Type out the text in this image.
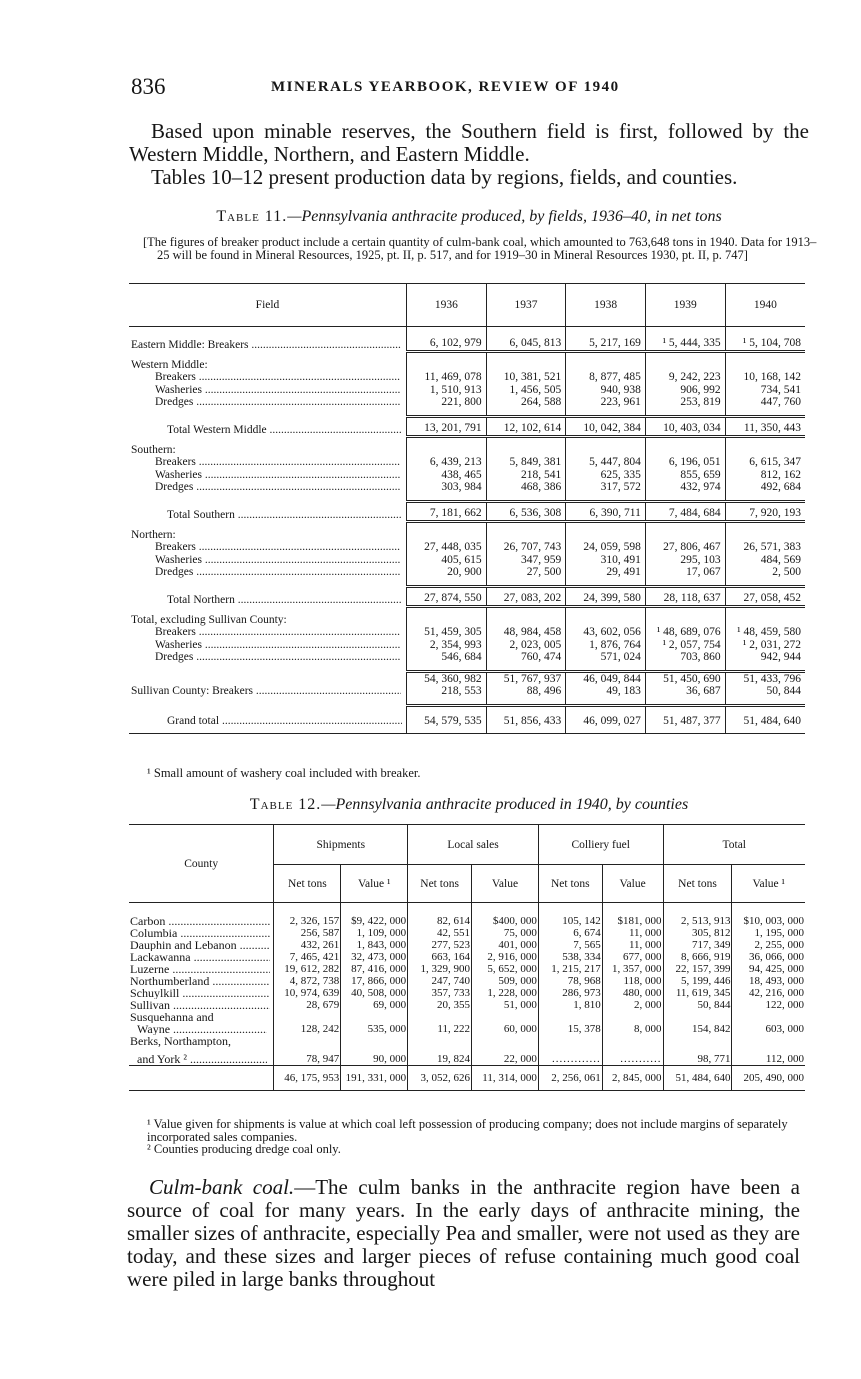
836	MINERALS YEARBOOK, REVIEW OF 1940

Based upon minable reserves, the Southern field is first, followed by the Western Middle, Northern, and Eastern Middle.

Tables 10–12 present production data by regions, fields, and counties.

Table 11.—Pennsylvania anthracite produced, by fields, 1936–40, in net tons

[The figures of breaker product include a certain quantity of culm-bank coal, which amounted to 763,648 tons in 1940. Data for 1913–25 will be found in Mineral Resources, 1925, pt. II, p. 517, and for 1919–30 in Mineral Resources 1930, pt. II, p. 747]

Field	1936	1937	1938	1939	1940

Eastern Middle: Breakers .....	6, 102, 979	6, 045, 813	5, 217, 169	¹ 5, 444, 335	¹ 5, 104, 708

Western Middle:					

Breakers .....	11, 469, 078	10, 381, 521	8, 877, 485	9, 242, 223	10, 168, 142

Washeries .....	1, 510, 913	1, 456, 505	940, 938	906, 992	734, 541

Dredges .....	221, 800	264, 588	223, 961	253, 819	447, 760

Total Western Middle .....	13, 201, 791	12, 102, 614	10, 042, 384	10, 403, 034	11, 350, 443

Southern:					

Breakers .....	6, 439, 213	5, 849, 381	5, 447, 804	6, 196, 051	6, 615, 347

Washeries .....	438, 465	218, 541	625, 335	855, 659	812, 162

Dredges .....	303, 984	468, 386	317, 572	432, 974	492, 684

Total Southern .....	7, 181, 662	6, 536, 308	6, 390, 711	7, 484, 684	7, 920, 193

Northern:					

Breakers .....	27, 448, 035	26, 707, 743	24, 059, 598	27, 806, 467	26, 571, 383

Washeries .....	405, 615	347, 959	310, 491	295, 103	484, 569

Dredges .....	20, 900	27, 500	29, 491	17, 067	2, 500

Total Northern .....	27, 874, 550	27, 083, 202	24, 399, 580	28, 118, 637	27, 058, 452

Total, excluding Sullivan County:					

Breakers .....	51, 459, 305	48, 984, 458	43, 602, 056	¹ 48, 689, 076	¹ 48, 459, 580

Washeries .....	2, 354, 993	2, 023, 005	1, 876, 764	¹ 2, 057, 754	¹ 2, 031, 272

Dredges .....	546, 684	760, 474	571, 024	703, 860	942, 944

	54, 360, 982	51, 767, 937	46, 049, 844	51, 450, 690	51, 433, 796

Sullivan County: Breakers .....	218, 553	88, 496	49, 183	36, 687	50, 844

Grand total .....	54, 579, 535	51, 856, 433	46, 099, 027	51, 487, 377	51, 484, 640

¹ Small amount of washery coal included with breaker.

Table 12.—Pennsylvania anthracite produced in 1940, by counties

County	Shipments		Local sales		Colliery fuel		Total	
	Net tons	Value ¹	Net tons	Value	Net tons	Value	Net tons	Value ¹

Carbon .....	2, 326, 157	$9, 422, 000	82, 614	$400, 000	105, 142	$181, 000	2, 513, 913	$10, 003, 000

Columbia .....	256, 587	1, 109, 000	42, 551	75, 000	6, 674	11, 000	305, 812	1, 195, 000

Dauphin and Lebanon .....	432, 261	1, 843, 000	277, 523	401, 000	7, 565	11, 000	717, 349	2, 255, 000

Lackawanna .....	7, 465, 421	32, 473, 000	663, 164	2, 916, 000	538, 334	677, 000	8, 666, 919	36, 066, 000

Luzerne .....	19, 612, 282	87, 416, 000	1, 329, 900	5, 652, 000	1, 215, 217	1, 357, 000	22, 157, 399	94, 425, 000

Northumberland .....	4, 872, 738	17, 866, 000	247, 740	509, 000	78, 968	118, 000	5, 199, 446	18, 493, 000

Schuylkill .....	10, 974, 639	40, 508, 000	357, 733	1, 228, 000	286, 973	480, 000	11, 619, 345	42, 216, 000

Sullivan .....	28, 679	69, 000	20, 355	51, 000	1, 810	2, 000	50, 844	122, 000
Susquehanna and								

Wayne .....	128, 242	535, 000	11, 222	60, 000	15, 378	8, 000	154, 842	603, 000
Berks, Northampton,								

and York ² .....	78, 947	90, 000	19, 824	22, 000	.............	...........	98, 771	112, 000
	46, 175, 953	191, 331, 000	3, 052, 626	11, 314, 000	2, 256, 061	2, 845, 000	51, 484, 640	205, 490, 000

¹ Value given for shipments is value at which coal left possession of producing company; does not include margins of separately incorporated sales companies.

² Counties producing dredge coal only.

Culm-bank coal.—The culm banks in the anthracite region have been a source of coal for many years. In the early days of anthracite mining, the smaller sizes of anthracite, especially Pea and smaller, were not used as they are today, and these sizes and larger pieces of refuse containing much good coal were piled in large banks throughout
